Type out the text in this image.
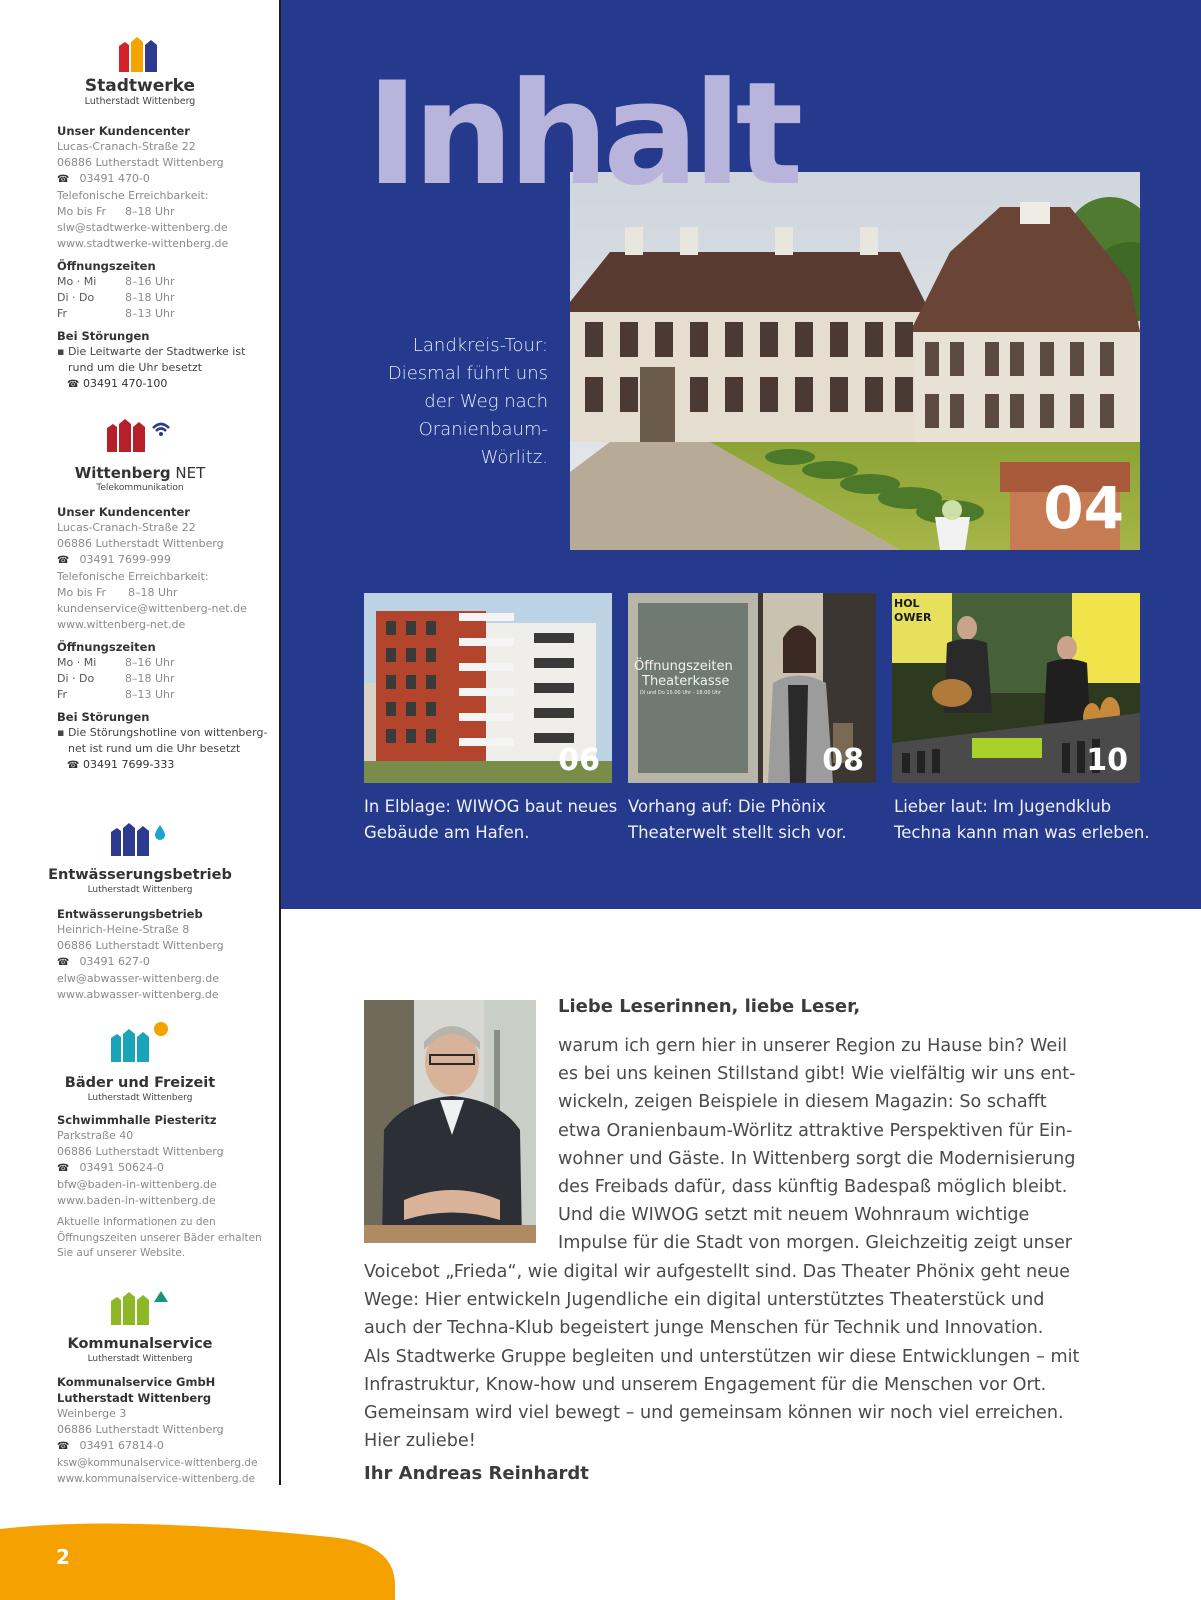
Stadtwerke
Lutherstadt Wittenberg
Unser Kundencenter
Lucas-Cranach-Straße 22
06886 Lutherstadt Wittenberg
☎ 03491 470-0
Telefonische Erreichbarkeit:
Mo bis Fr 8–18 Uhr
slw@stadtwerke-wittenberg.de
www.stadtwerke-wittenberg.de
Öffnungszeiten
Mo · Mi	8–16 Uhr
Di · Do	8–18 Uhr
Fr	8–13 Uhr
Bei Störungen
▪ Die Leitwarte der Stadtwerke ist rund um die Uhr besetzt
☎ 03491 470-100
Wittenberg NET
Telekommunikation
Unser Kundencenter
Lucas-Cranach-Straße 22
06886 Lutherstadt Wittenberg
☎ 03491 7699-999
Telefonische Erreichbarkeit:
Mo bis Fr 8–18 Uhr
kundenservice@wittenberg-net.de
www.wittenberg-net.de
Öffnungszeiten
Mo · Mi	8–16 Uhr
Di · Do	8–18 Uhr
Fr	8–13 Uhr
Bei Störungen
▪ Die Störungshotline von wittenberg-net ist rund um die Uhr besetzt
☎ 03491 7699-333
Entwässerungsbetrieb
Lutherstadt Wittenberg
Entwässerungsbetrieb
Heinrich-Heine-Straße 8
06886 Lutherstadt Wittenberg
☎ 03491 627-0
elw@abwasser-wittenberg.de
www.abwasser-wittenberg.de
Bäder und Freizeit
Lutherstadt Wittenberg
Schwimmhalle Piesteritz
Parkstraße 40
06886 Lutherstadt Wittenberg
☎ 03491 50624-0
bfw@baden-in-wittenberg.de
www.baden-in-wittenberg.de
Aktuelle Informationen zu den Öffnungszeiten unserer Bäder erhalten Sie auf unserer Website.
Kommunalservice
Lutherstadt Wittenberg
Kommunalservice GmbH
Lutherstadt Wittenberg
Weinberge 3
06886 Lutherstadt Wittenberg
☎ 03491 67814-0
ksw@kommunalservice-wittenberg.de
www.kommunalservice-wittenberg.de
04
Inhalt
Landkreis-Tour: Diesmal führt uns der Weg nach Oranienbaum-Wörlitz.
06
Öffnungszeiten
Theaterkasse
Di und Do 15.00 Uhr - 18.00 Uhr
08
HOL
OWER
10
In Elblage: WIWOG baut neues Gebäude am Hafen.
Vorhang auf: Die Phönix Theaterwelt stellt sich vor.
Lieber laut: Im Jugendklub Techna kann man was erleben.
Liebe Leserinnen, liebe Leser,
warum ich gern hier in unserer Region zu Hause bin? Weil
es bei uns keinen Stillstand gibt! Wie vielfältig wir uns ent-
wickeln, zeigen Beispiele in diesem Magazin: So schafft
etwa Oranienbaum-Wörlitz attraktive Perspektiven für Ein-
wohner und Gäste. In Wittenberg sorgt die Modernisierung
des Freibads dafür, dass künftig Badespaß möglich bleibt.
Und die WIWOG setzt mit neuem Wohnraum wichtige
Impulse für die Stadt von morgen. Gleichzeitig zeigt unser
Voicebot „Frieda“, wie digital wir aufgestellt sind. Das Theater Phönix geht neue
Wege: Hier entwickeln Jugendliche ein digital unterstütztes Theaterstück und
auch der Techna-Klub begeistert junge Menschen für Technik und Innovation.
Als Stadtwerke Gruppe begleiten und unterstützen wir diese Entwicklungen – mit
Infrastruktur, Know-how und unserem Engagement für die Menschen vor Ort.
Gemeinsam wird viel bewegt – und gemeinsam können wir noch viel erreichen.
Hier zuliebe!
Ihr Andreas Reinhardt
2
